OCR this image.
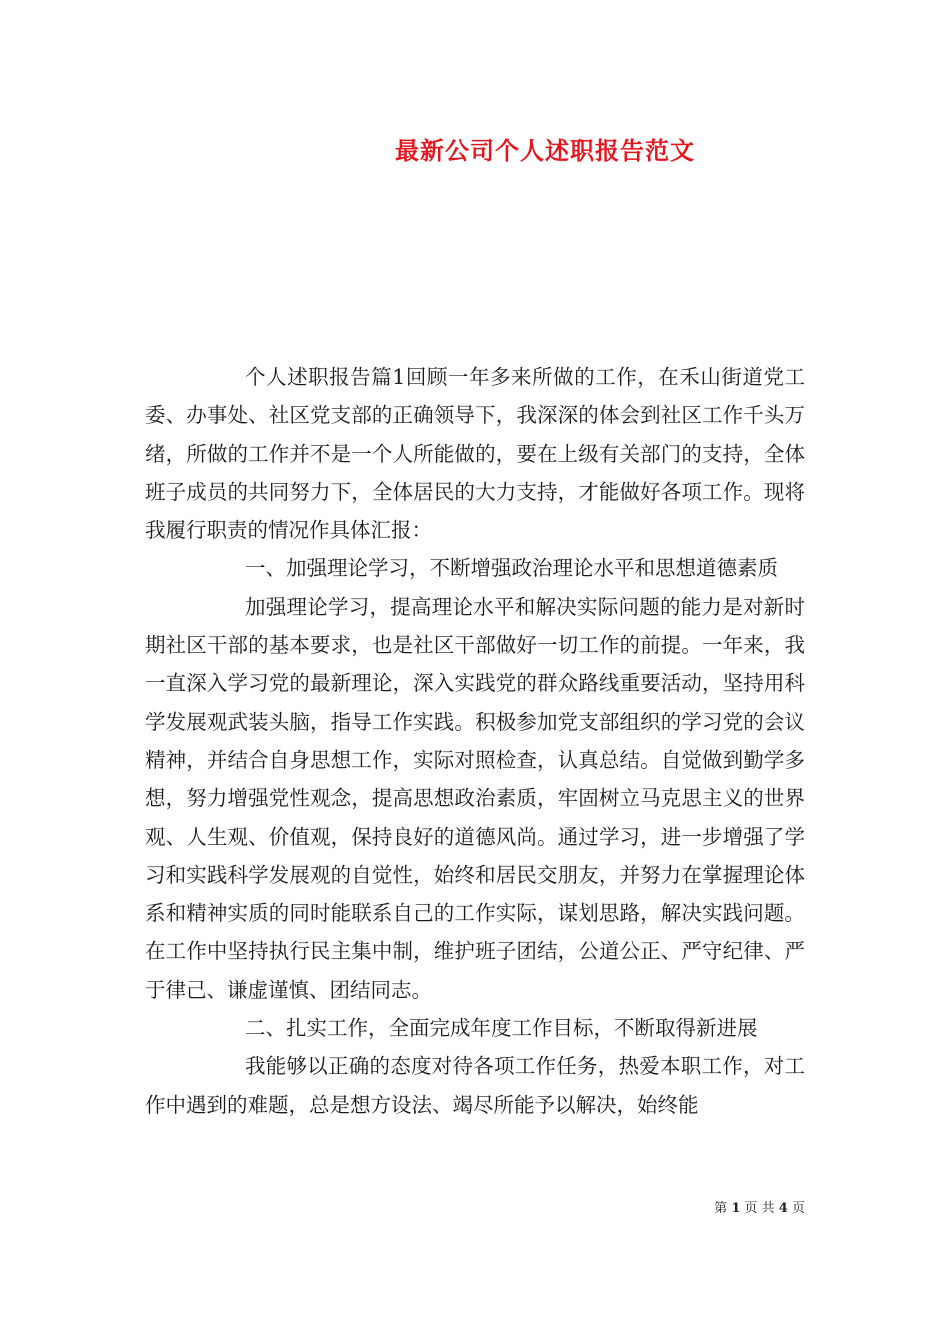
最新公司个人述职报告范文

个人述职报告篇1回顾一年多来所做的工作，在禾山街道党工委、办事处、社区党支部的正确领导下，我深深的体会到社区工作千头万绪，所做的工作并不是一个人所能做的，要在上级有关部门的支持，全体班子成员的共同努力下，全体居民的大力支持，才能做好各项工作。现将我履行职责的情况作具体汇报：

一、加强理论学习，不断增强政治理论水平和思想道德素质

加强理论学习，提高理论水平和解决实际问题的能力是对新时期社区干部的基本要求，也是社区干部做好一切工作的前提。一年来，我一直深入学习党的最新理论，深入实践党的群众路线重要活动，坚持用科学发展观武装头脑，指导工作实践。积极参加党支部组织的学习党的会议精神，并结合自身思想工作，实际对照检查，认真总结。自觉做到勤学多想，努力增强党性观念，提高思想政治素质，牢固树立马克思主义的世界观、人生观、价值观，保持良好的道德风尚。通过学习，进一步增强了学习和实践科学发展观的自觉性，始终和居民交朋友，并努力在掌握理论体系和精神实质的同时能联系自己的工作实际，谋划思路，解决实践问题。在工作中坚持执行民主集中制，维护班子团结，公道公正、严守纪律、严于律己、谦虚谨慎、团结同志。

二、扎实工作，全面完成年度工作目标，不断取得新进展

我能够以正确的态度对待各项工作任务，热爱本职工作，对工作中遇到的难题，总是想方设法、竭尽所能予以解决，始终能

第 1 页 共 4 页
